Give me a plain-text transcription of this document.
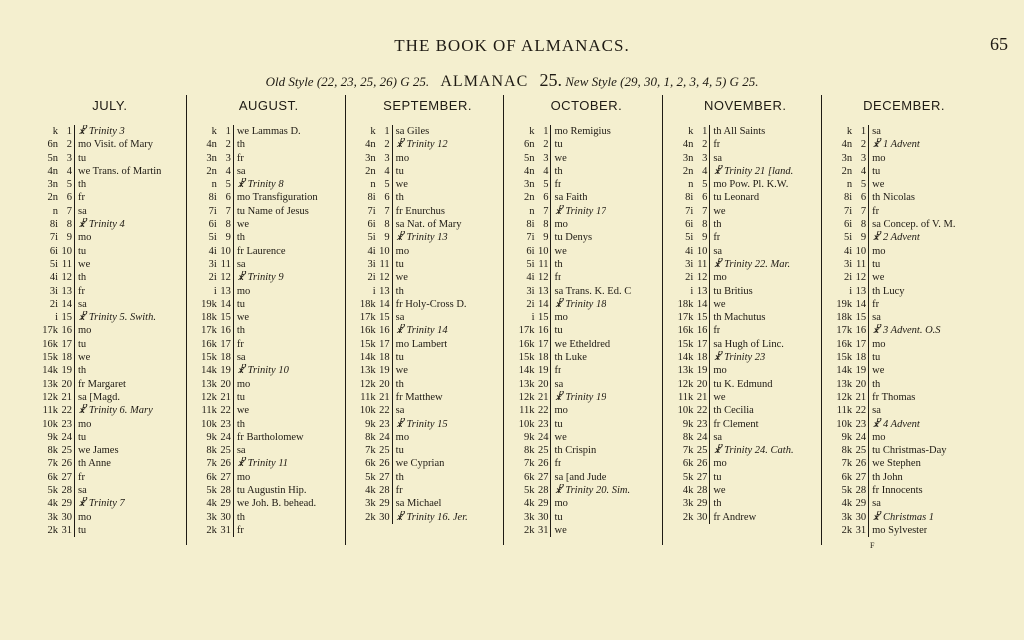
THE BOOK OF ALMANACS.	65
Old Style (22, 23, 25, 26) G 25. ALMANAC 25. New Style (29, 30, 1, 2, 3, 4, 5) G 25.
JULY.
k 1 ☧ Trinity 3
6n 2 mo Visit. of Mary
5n 3 tu
4n 4 we Trans. of Martin
3n 5 th
2n 6 fr
n 7 sa
8i 8 ☧ Trinity 4
7i 9 mo
6i 10 tu
5i 11 we
4i 12 th
3i 13 fr
2i 14 sa
i 15 ☧ Trinity 5. Swith.
17k 16 mo
16k 17 tu
15k 18 we
14k 19 th
13k 20 fr Margaret
12k 21 sa [Magd.
11k 22 ☧ Trinity 6. Mary
10k 23 mo
9k 24 tu
8k 25 we James
7k 26 th Anne
6k 27 fr
5k 28 sa
4k 29 ☧ Trinity 7
3k 30 mo
2k 31 tu
AUGUST.
k 1 we Lammas D.
4n 2 th
3n 3 fr
2n 4 sa
n 5 ☧ Trinity 8
8i 6 mo Transfiguration
7i 7 tu Name of Jesus
6i 8 we
5i 9 th
4i 10 fr Laurence
3i 11 sa
2i 12 ☧ Trinity 9
i 13 mo
19k 14 tu
18k 15 we
17k 16 th
16k 17 fr
15k 18 sa
14k 19 ☧ Trinity 10
13k 20 mo
12k 21 tu
11k 22 we
10k 23 th
9k 24 fr Bartholomew
8k 25 sa
7k 26 ☧ Trinity 11
6k 27 mo
5k 28 tu Augustin Hip.
4k 29 we Joh. B. behead.
3k 30 th
2k 31 fr
SEPTEMBER.
k 1 sa Giles
4n 2 ☧ Trinity 12
3n 3 mo
2n 4 tu
n 5 we
8i 6 th
7i 7 fr Enurchus
6i 8 sa Nat. of Mary
5i 9 ☧ Trinity 13
4i 10 mo
3i 11 tu
2i 12 we
i 13 th
18k 14 fr Holy-Cross D.
17k 15 sa
16k 16 ☧ Trinity 14
15k 17 mo Lambert
14k 18 tu
13k 19 we
12k 20 th
11k 21 fr Matthew
10k 22 sa
9k 23 ☧ Trinity 15
8k 24 mo
7k 25 tu
6k 26 we Cyprian
5k 27 th
4k 28 fr
3k 29 sa Michael
2k 30 ☧ Trinity 16. Jer.
OCTOBER.
k 1 mo Remigius
6n 2 tu
5n 3 we
4n 4 th
3n 5 fr
2n 6 sa Faith
n 7 ☧ Trinity 17
8i 8 mo
7i 9 tu Denys
6i 10 we
5i 11 th
4i 12 fr
3i 13 sa Trans. K. Ed. C
2i 14 ☧ Trinity 18
i 15 mo
17k 16 tu
16k 17 we Etheldred
15k 18 th Luke
14k 19 fr
13k 20 sa
12k 21 ☧ Trinity 19
11k 22 mo
10k 23 tu
9k 24 we
8k 25 th Crispin
7k 26 fr
6k 27 sa [and Jude
5k 28 ☧ Trinity 20. Sim.
4k 29 mo
3k 30 tu
2k 31 we
NOVEMBER.
k 1 th All Saints
4n 2 fr
3n 3 sa
2n 4 ☧ Trinity 21 [land.
n 5 mo Pow. Pl. K.W.
8i 6 tu Leonard
7i 7 we
6i 8 th
5i 9 fr
4i 10 sa
3i 11 ☧ Trinity 22. Mar.
2i 12 mo
i 13 tu Britius
18k 14 we
17k 15 th Machutus
16k 16 fr
15k 17 sa Hugh of Linc.
14k 18 ☧ Trinity 23
13k 19 mo
12k 20 tu K. Edmund
11k 21 we
10k 22 th Cecilia
9k 23 fr Clement
8k 24 sa
7k 25 ☧ Trinity 24. Cath.
6k 26 mo
5k 27 tu
4k 28 we
3k 29 th
2k 30 fr Andrew
DECEMBER.
k 1 sa
4n 2 ☧ 1 Advent
3n 3 mo
2n 4 tu
n 5 we
8i 6 th Nicolas
7i 7 fr
6i 8 sa Concep. of V. M.
5i 9 ☧ 2 Advent
4i 10 mo
3i 11 tu
2i 12 we
i 13 th Lucy
19k 14 fr
18k 15 sa
17k 16 ☧ 3 Advent. O.S
16k 17 mo
15k 18 tu
14k 19 we
13k 20 th
12k 21 fr Thomas
11k 22 sa
10k 23 ☧ 4 Advent
9k 24 mo
8k 25 tu Christmas-Day
7k 26 we Stephen
6k 27 th John
5k 28 fr Innocents
4k 29 sa
3k 30 ☧ Christmas 1
2k 31 mo Sylvester
F
